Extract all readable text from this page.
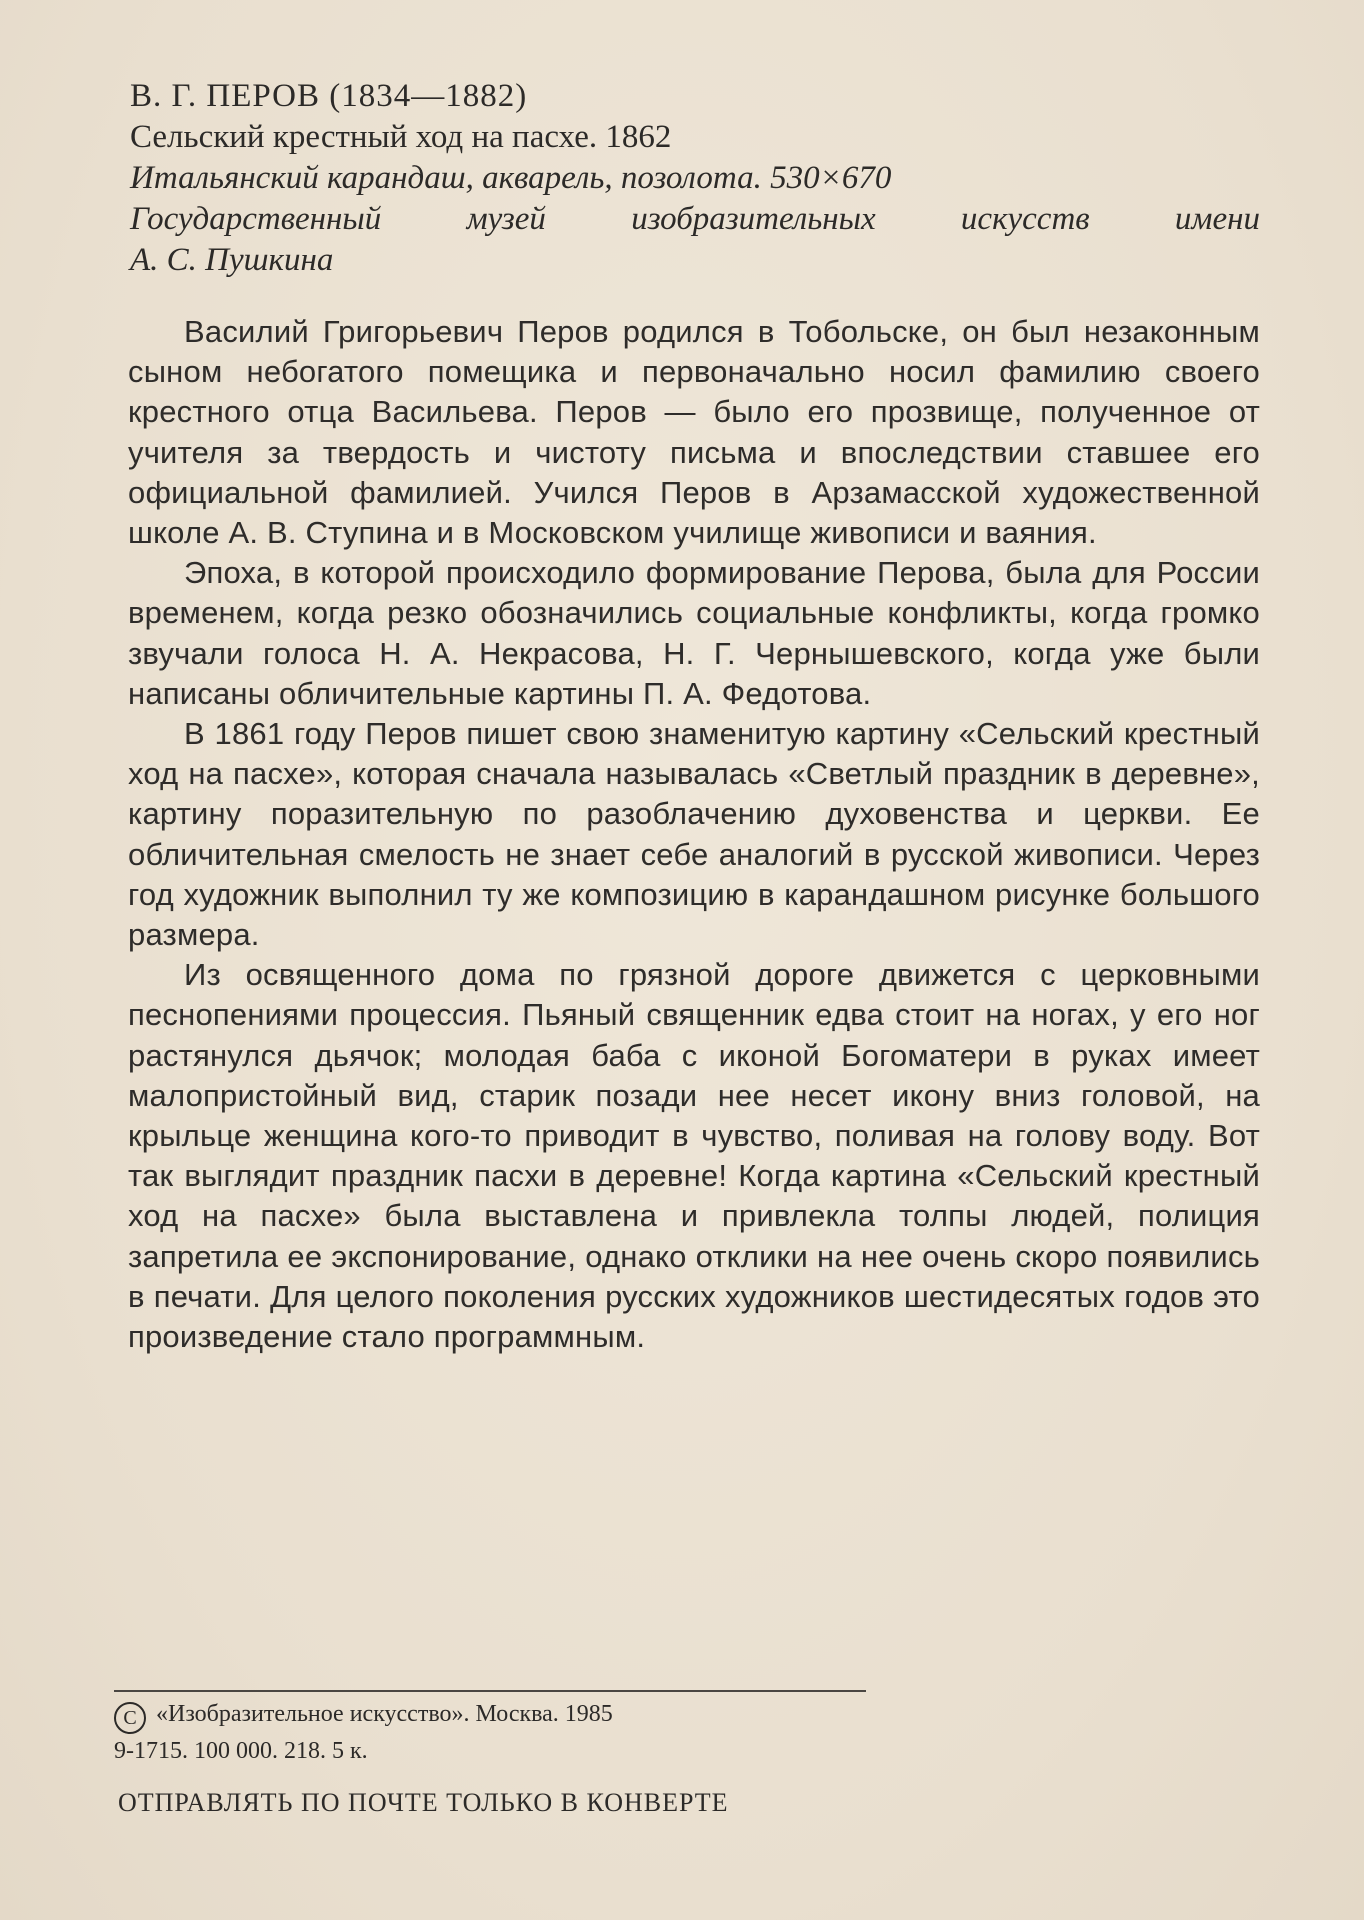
В. Г. ПЕРОВ (1834—1882)
Сельский крестный ход на пасхе. 1862
Итальянский карандаш, акварель, позолота. 530×670
Государственный музей изобразительных искусств имени
А. С. Пушкина

Василий Григорьевич Перов родился в Тобольске, он был незаконным сыном небогатого помещика и первоначально носил фамилию своего крестного отца Васильева. Перов — было его прозвище, полученное от учителя за твердость и чистоту письма и впоследствии ставшее его официальной фамилией. Учился Перов в Арзамасской художественной школе А. В. Ступина и в Московском училище живописи и ваяния.

Эпоха, в которой происходило формирование Перова, была для России временем, когда резко обозначились социальные конфликты, когда громко звучали голоса Н. А. Некрасова, Н. Г. Чернышевского, когда уже были написаны обличительные картины П. А. Федотова.

В 1861 году Перов пишет свою знаменитую картину «Сельский крестный ход на пасхе», которая сначала называлась «Светлый праздник в деревне», картину поразительную по разоблачению духовенства и церкви. Ее обличительная смелость не знает себе аналогий в русской живописи. Через год художник выполнил ту же композицию в карандашном рисунке большого размера.

Из освященного дома по грязной дороге движется с церковными песнопениями процессия. Пьяный священник едва стоит на ногах, у его ног растянулся дьячок; молодая баба с иконой Богоматери в руках имеет малопристойный вид, старик позади нее несет икону вниз головой, на крыльце женщина кого-то приводит в чувство, поливая на голову воду. Вот так выглядит праздник пасхи в деревне! Когда картина «Сельский крестный ход на пасхе» была выставлена и привлекла толпы людей, полиция запретила ее экспонирование, однако отклики на нее очень скоро появились в печати. Для целого поколения русских художников шестидесятых годов это произведение стало программным.

C «Изобразительное искусство». Москва. 1985
9-1715. 100 000. 218. 5 к.
ОТПРАВЛЯТЬ ПО ПОЧТЕ ТОЛЬКО В КОНВЕРТЕ
